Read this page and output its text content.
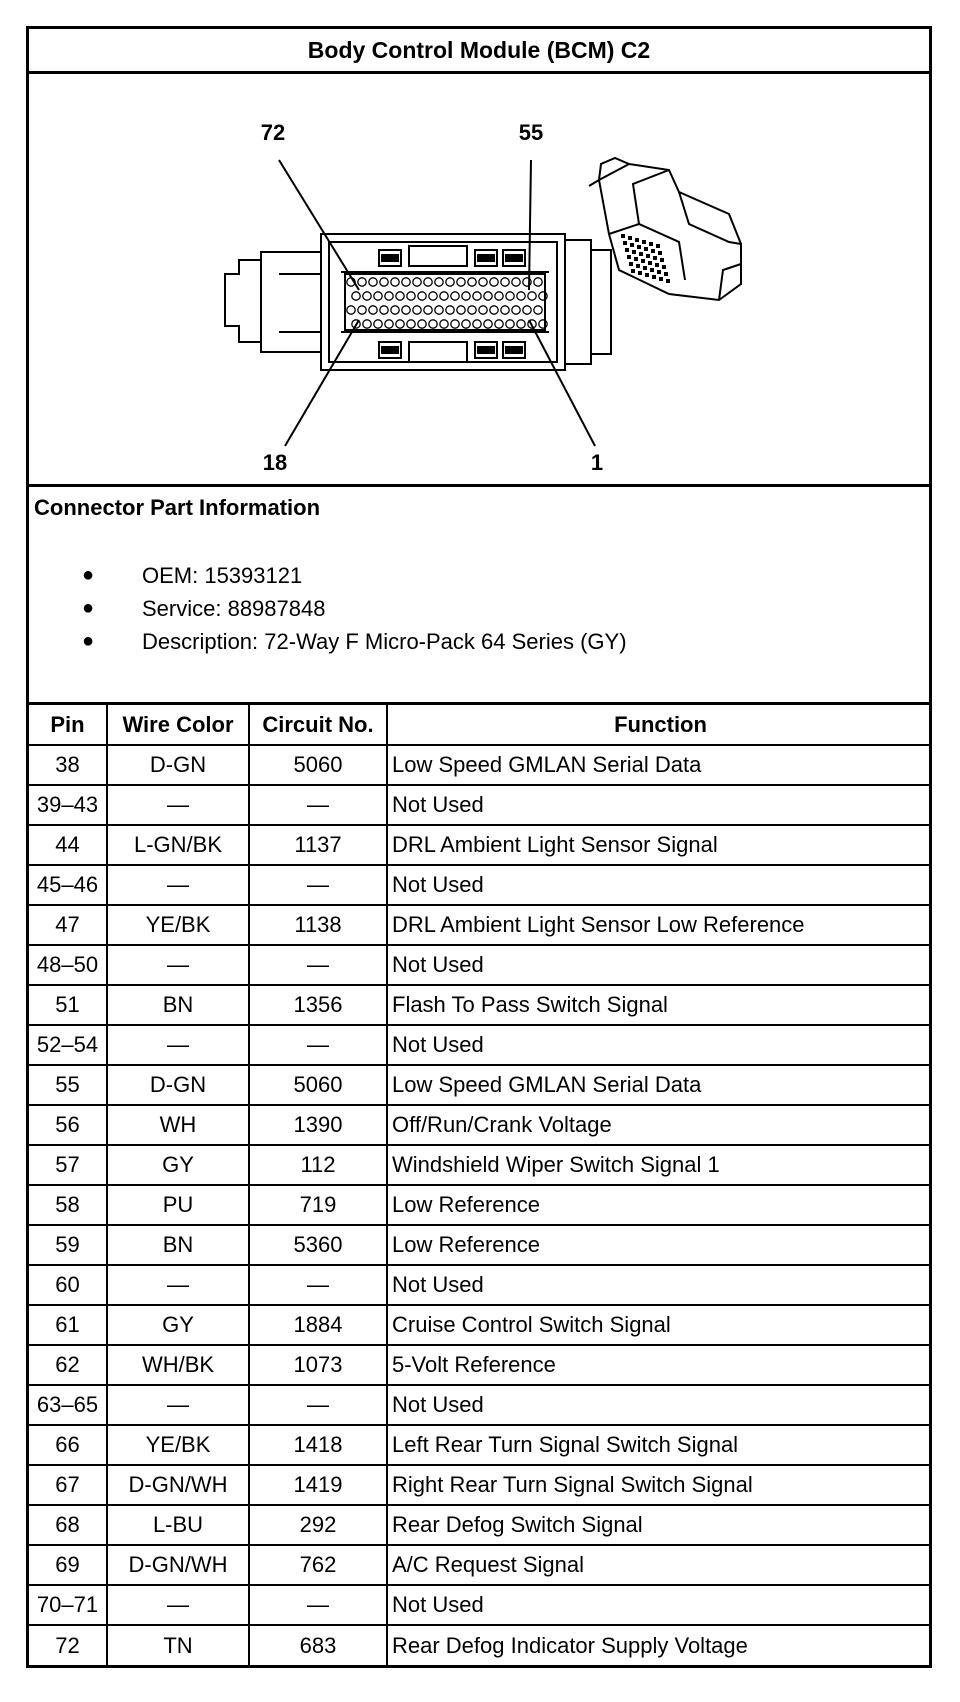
Body Control Module (BCM) C2
72	55
18	1
Connector Part Information
●	OEM: 15393121
●	Service: 88987848
●	Description: 72-Way F Micro-Pack 64 Series (GY)
Pin	Wire Color	Circuit No.	Function
38	D-GN	5060	Low Speed GMLAN Serial Data
39–43	—	—	Not Used
44	L-GN/BK	1137	DRL Ambient Light Sensor Signal
45–46	—	—	Not Used
47	YE/BK	1138	DRL Ambient Light Sensor Low Reference
48–50	—	—	Not Used
51	BN	1356	Flash To Pass Switch Signal
52–54	—	—	Not Used
55	D-GN	5060	Low Speed GMLAN Serial Data
56	WH	1390	Off/Run/Crank Voltage
57	GY	112	Windshield Wiper Switch Signal 1
58	PU	719	Low Reference
59	BN	5360	Low Reference
60	—	—	Not Used
61	GY	1884	Cruise Control Switch Signal
62	WH/BK	1073	5-Volt Reference
63–65	—	—	Not Used
66	YE/BK	1418	Left Rear Turn Signal Switch Signal
67	D-GN/WH	1419	Right Rear Turn Signal Switch Signal
68	L-BU	292	Rear Defog Switch Signal
69	D-GN/WH	762	A/C Request Signal
70–71	—	—	Not Used
72	TN	683	Rear Defog Indicator Supply Voltage
